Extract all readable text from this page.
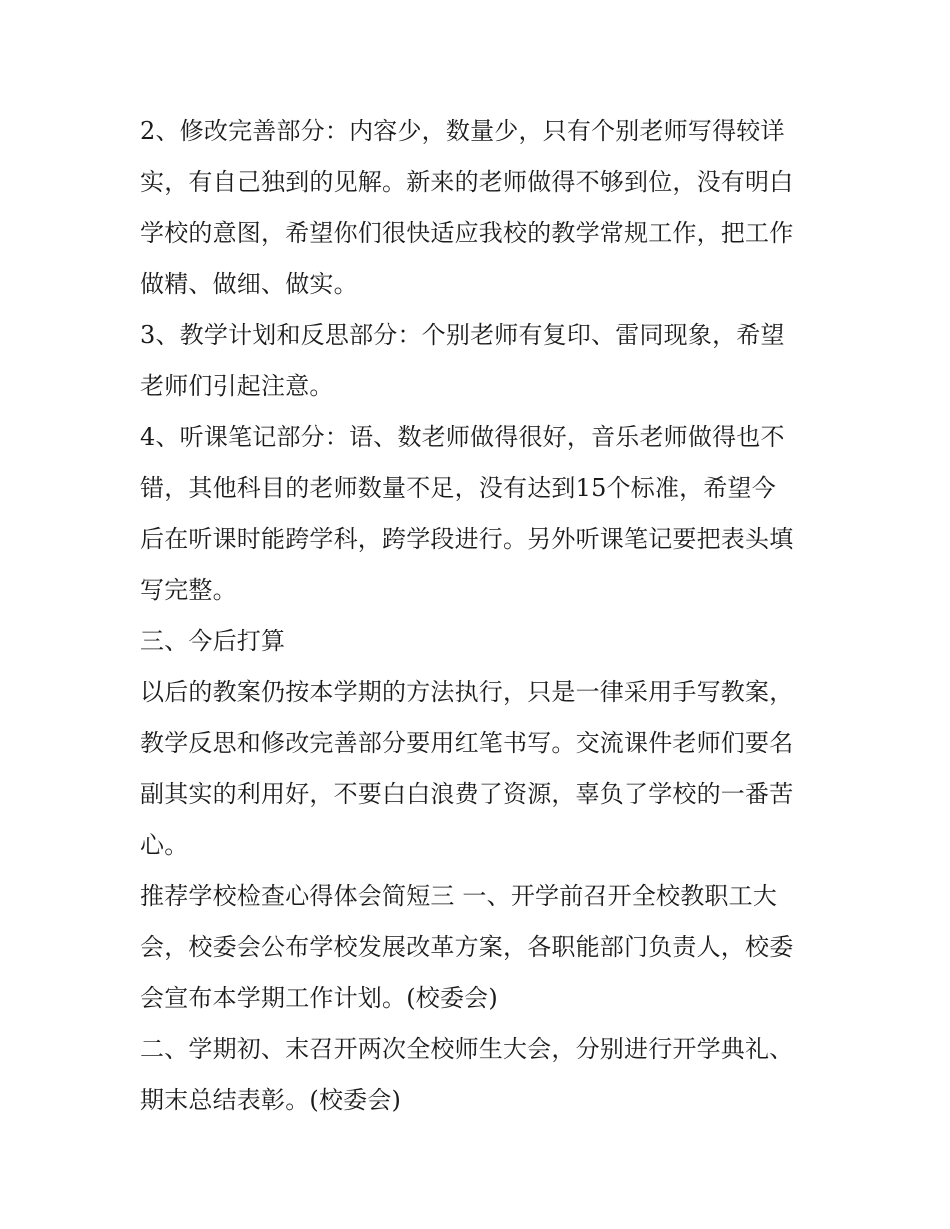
2、修改完善部分：内容少，数量少，只有个别老师写得较详
实，有自己独到的见解。新来的老师做得不够到位，没有明白
学校的意图，希望你们很快适应我校的教学常规工作，把工作
做精、做细、做实。
3、教学计划和反思部分：个别老师有复印、雷同现象，希望
老师们引起注意。
4、听课笔记部分：语、数老师做得很好，音乐老师做得也不
错，其他科目的老师数量不足，没有达到15个标准，希望今
后在听课时能跨学科，跨学段进行。另外听课笔记要把表头填
写完整。
三、今后打算
以后的教案仍按本学期的方法执行，只是一律采用手写教案，
教学反思和修改完善部分要用红笔书写。交流课件老师们要名
副其实的利用好，不要白白浪费了资源，辜负了学校的一番苦
心。
推荐学校检查心得体会简短三 一、开学前召开全校教职工大
会，校委会公布学校发展改革方案，各职能部门负责人，校委
会宣布本学期工作计划。(校委会)
二、学期初、末召开两次全校师生大会，分别进行开学典礼、
期末总结表彰。(校委会)
